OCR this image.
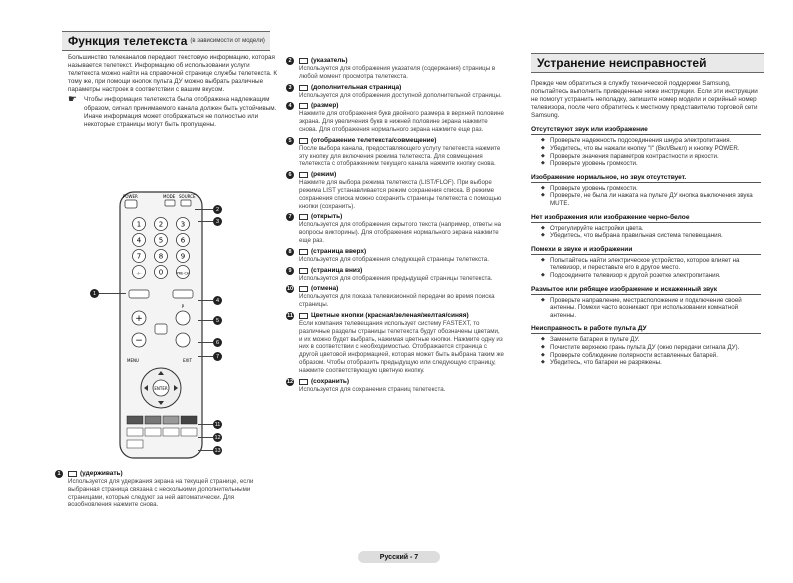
Функция телетекста (в зависимости от модели)
Большинство телеканалов передают текстовую информацию, которая называется телетекст. Информацию об использовании услуги телетекста можно найти на справочной странице службы телетекста. К тому же, при помощи кнопок пульта ДУ можно выбрать различные параметры настроек в соответствии с вашим вкусом.
☛	Чтобы информация телетекста была отображена надлежащим образом, сигнал принимаемого канала должен быть устойчивым. Иначе информация может отображаться не полностью или некоторые страницы могут быть пропущены.
POWER	MODE SOURCE
1	2	3
4	5	6
7	8	9
-/-- 0	PRE-CH
+
−
P
MENU	EXIT
ENTER
1
2
3
4
5
6
7
11
12
13
1	(удерживать)
Используется для удержания экрана на текущей странице, если выбранная страница связана с несколькими дополнительными страницами, которые следуют за ней автоматически. Для возобновления нажмите снова.
2	(указатель)
Используется для отображения указателя (содержания) страницы в любой момент просмотра телетекста.
3	(дополнительная страница)
Используется для отображения доступной дополнительной страницы.
4	(размер)
Нажмите для отображения букв двойного размера в верхней половине экрана. Для увеличения букв в нижней половине экрана нажмите снова. Для отображения нормального экрана нажмите еще раз.
5	(отображение телетекста/совмещение)
После выбора канала, предоставляющего услугу телетекста нажмите эту кнопку для включения режима телетекста. Для совмещения телетекста с отображением текущего канала нажмите кнопку снова.
6	(режим)
Нажмите для выбора режима телетекста (LIST/FLOF). При выборе режима LIST устанавливается режим сохранения списка. В режиме сохранения списка можно сохранить страницы телетекста с помощью кнопки (сохранить).
7	(открыть)
Используется для отображения скрытого текста (например, ответы на вопросы викторины). Для отображения нормального экрана нажмите еще раз.
8	(страница вверх)
Используется для отображения следующей страницы телетекста.
9	(страница вниз)
Используется для отображения предыдущей страницы телетекста.
10	(отмена)
Используется для показа телевизионной передачи во время поиска страницы.
11	Цветные кнопки (красная/зеленая/желтая/синяя)
Если компания телевещания использует систему FASTEXT, то различные разделы страницы телетекста будут обозначены цветами, и их можно будет выбрать, нажимая цветные кнопки. Нажмите одну из них в соответствии с необходимостью. Отображается страница с другой цветовой информацией, которая может быть выбрана таким же образом. Чтобы отобразить предыдущую или следующую страницу, нажмите соответствующую цветную кнопку.
12	(сохранить)
Используется для сохранения страниц телетекста.
Русский - 7
Устранение неисправностей
Прежде чем обратиться в службу технической поддержки Samsung, попытайтесь выполнить приведенные ниже инструкции. Если эти инструкции не помогут устранить неполадку, запишите номер модели и серийный номер телевизора, после чего обратитесь к местному представителю торговой сети Samsung.
Отсутствуют звук или изображение
◆ Проверьте надежность подсоединения шнура электропитания.
◆ Убедитесь, что вы нажали кнопку "I" (Вкл/Выкл) и кнопку POWER.
◆ Проверьте значения параметров контрастности и яркости.
◆ Проверьте уровень громкости.
Изображение нормальное, но звук отсутствует.
◆ Проверьте уровень громкости.
◆ Проверьте, не была ли нажата на пульте ДУ кнопка выключения звука MUTE.
Нет изображения или изображение черно-белое
◆ Отрегулируйте настройки цвета.
◆ Убедитесь, что выбрана правильная система телевещания.
Помехи в звуке и изображении
◆ Попытайтесь найти электрическое устройство, которое влияет на телевизор, и переставьте его в другое место.
◆ Подсоедините телевизор к другой розетке электропитания.
Размытое или рябящее изображение и искаженный звук
◆ Проверьте направление, местрасположение и подключение своей антенны. Помехи часто возникают при использовании комнатной антенны.
Неисправность в работе пульта ДУ
◆ Замените батареи в пульте ДУ.
◆ Почистите верхнюю грань пульта ДУ (окно передачи сигнала ДУ).
◆ Проверьте соблюдение полярности вставленных батарей.
◆ Убедитесь, что батареи не разряжены.
